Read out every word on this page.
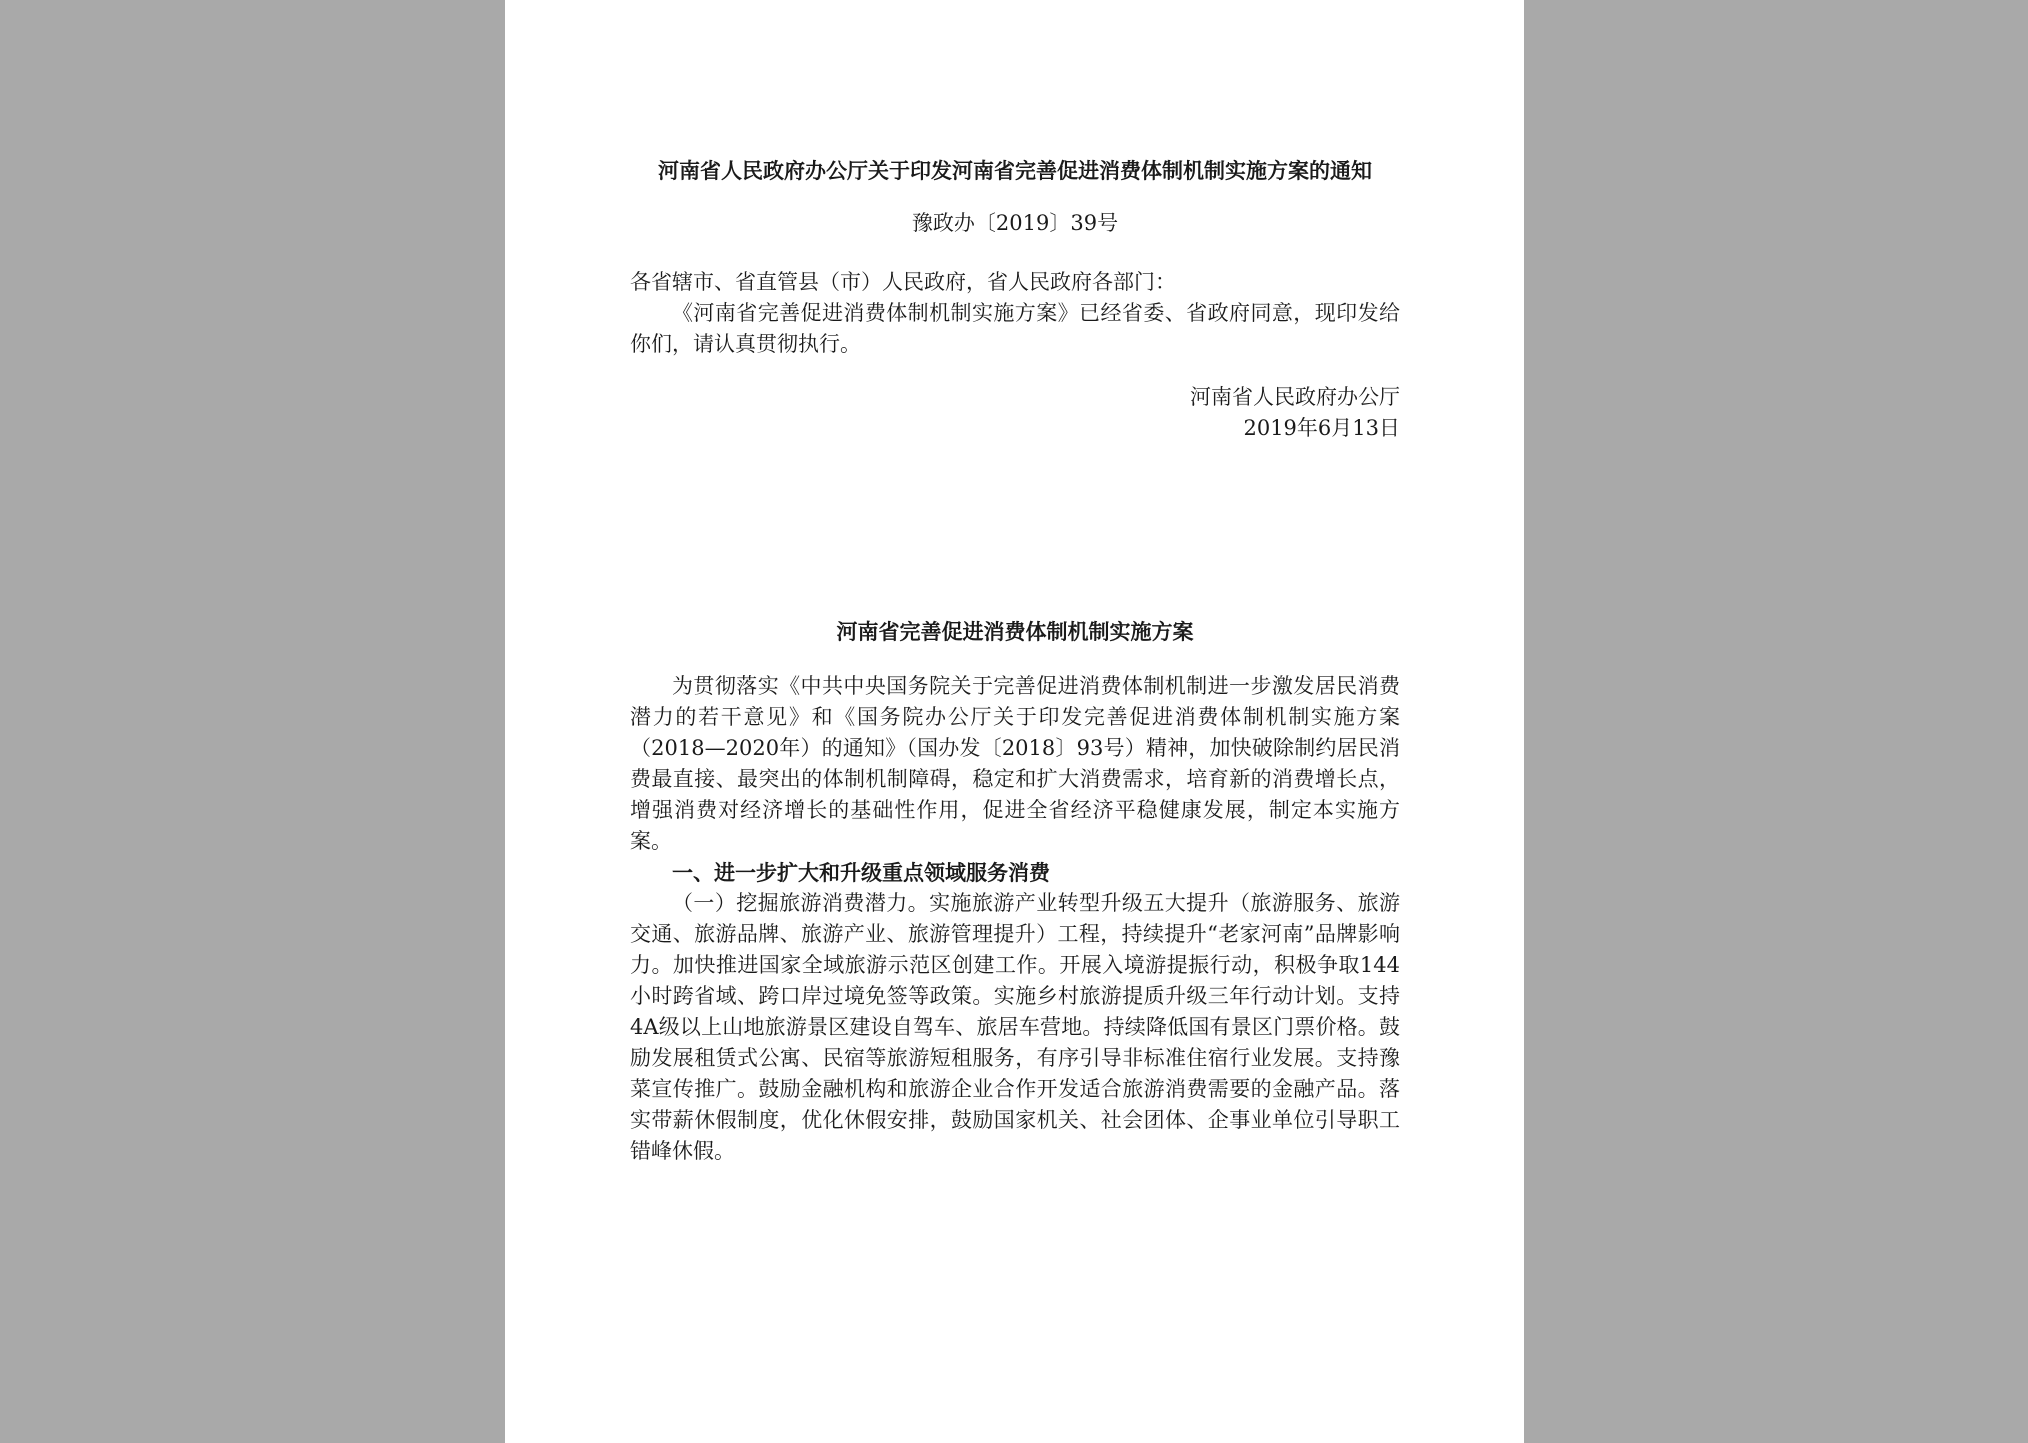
河南省人民政府办公厅关于印发河南省完善促进消费体制机制实施方案的通知
豫政办〔2019〕39号

各省辖市、省直管县（市）人民政府，省人民政府各部门：

《河南省完善促进消费体制机制实施方案》已经省委、省政府同意，现印发给你们，请认真贯彻执行。

河南省人民政府办公厅
2019年6月13日
河南省完善促进消费体制机制实施方案

为贯彻落实《中共中央国务院关于完善促进消费体制机制进一步激发居民消费潜力的若干意见》和《国务院办公厅关于印发完善促进消费体制机制实施方案（2018—2020年）的通知》（国办发〔2018〕93号）精神，加快破除制约居民消费最直接、最突出的体制机制障碍，稳定和扩大消费需求，培育新的消费增长点，增强消费对经济增长的基础性作用，促进全省经济平稳健康发展，制定本实施方案。

一、进一步扩大和升级重点领域服务消费

（一）挖掘旅游消费潜力。实施旅游产业转型升级五大提升（旅游服务、旅游交通、旅游品牌、旅游产业、旅游管理提升）工程，持续提升“老家河南”品牌影响力。加快推进国家全域旅游示范区创建工作。开展入境游提振行动，积极争取144小时跨省域、跨口岸过境免签等政策。实施乡村旅游提质升级三年行动计划。支持4A级以上山地旅游景区建设自驾车、旅居车营地。持续降低国有景区门票价格。鼓励发展租赁式公寓、民宿等旅游短租服务，有序引导非标准住宿行业发展。支持豫菜宣传推广。鼓励金融机构和旅游企业合作开发适合旅游消费需要的金融产品。落实带薪休假制度，优化休假安排，鼓励国家机关、社会团体、企事业单位引导职工错峰休假。
